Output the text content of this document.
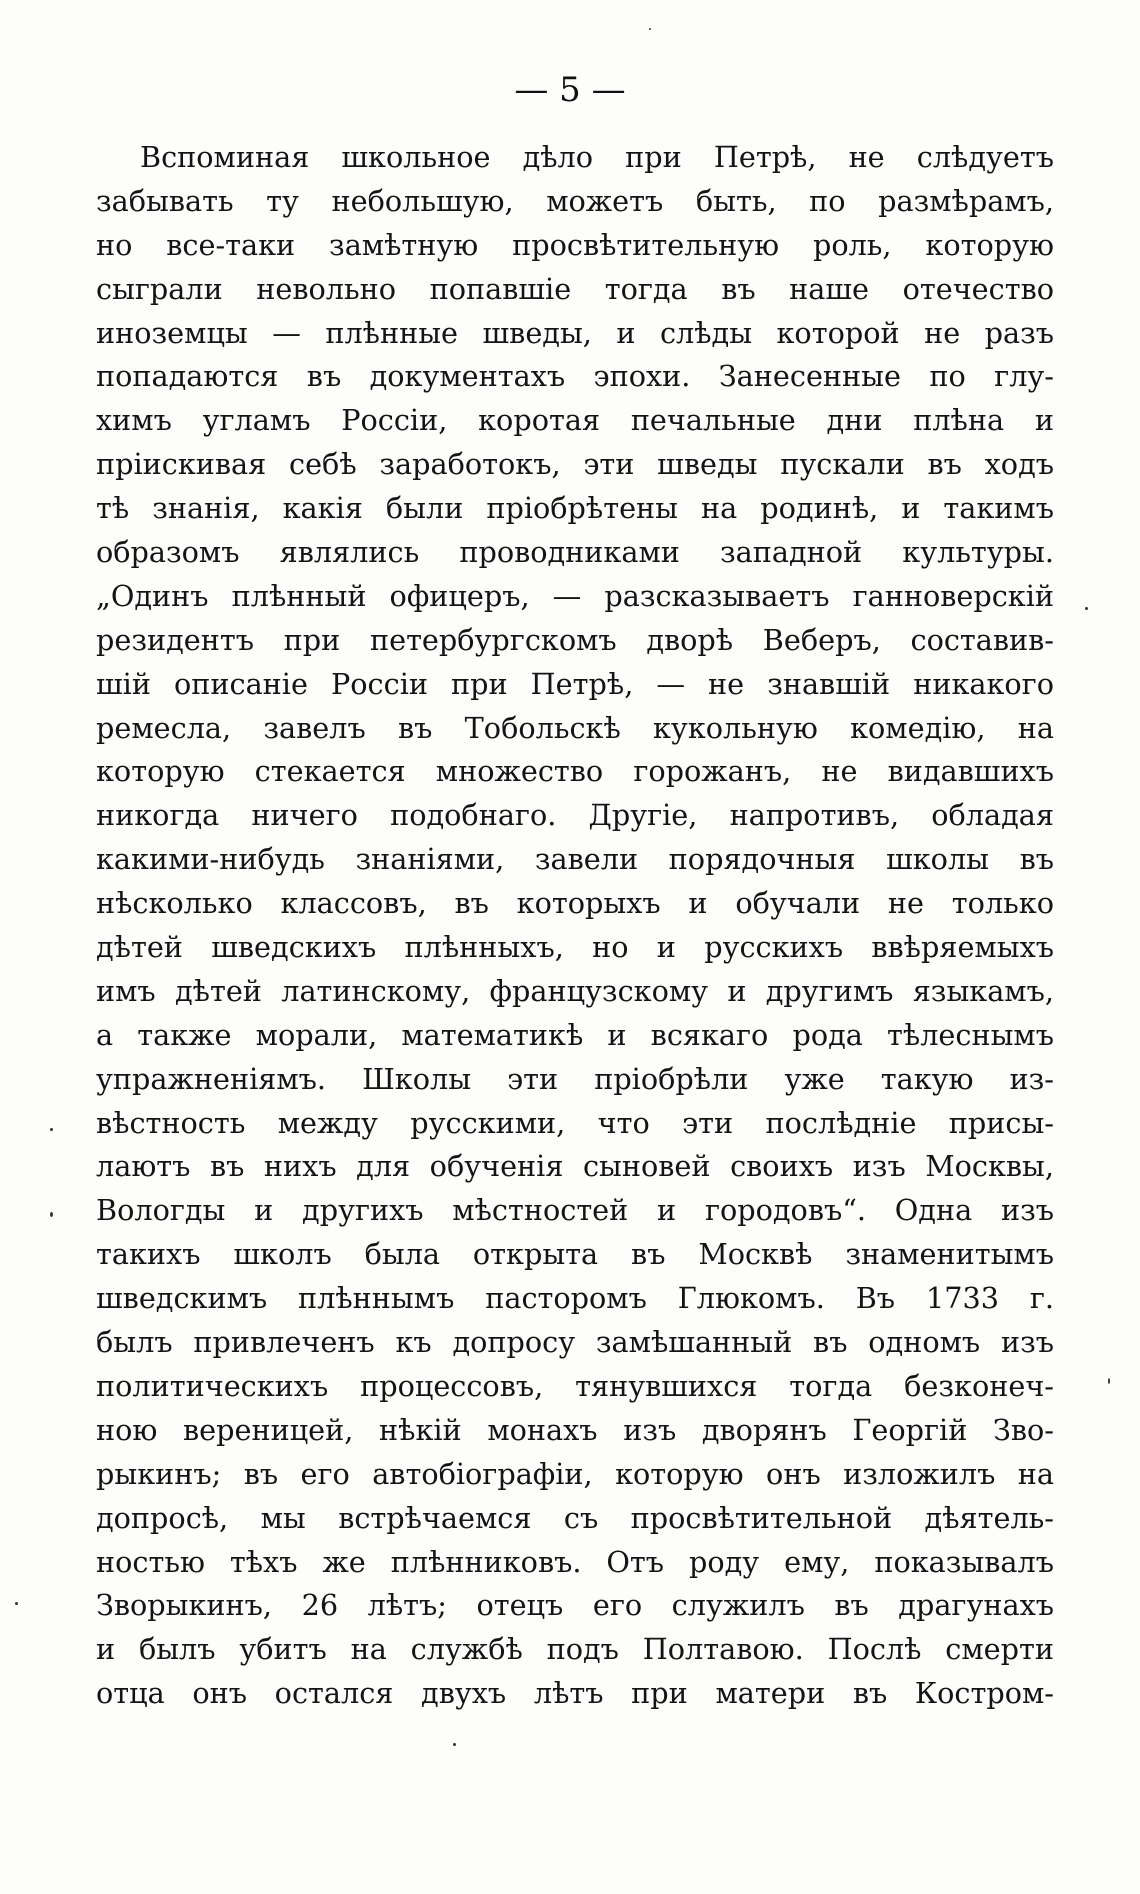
— 5 —
Вспоминая школьное дѣло при Петрѣ, не слѣдуетъ
забывать ту небольшую, можетъ быть, по размѣрамъ,
но все-таки замѣтную просвѣтительную роль, которую
сыграли невольно попавшіе тогда въ наше отечество
иноземцы — плѣнные шведы, и слѣды которой не разъ
попадаются въ документахъ эпохи. Занесенные по глу-
химъ угламъ Россіи, коротая печальные дни плѣна и
пріискивая себѣ заработокъ, эти шведы пускали въ ходъ
тѣ знанія, какія были пріобрѣтены на родинѣ, и такимъ
образомъ являлись проводниками западной культуры.
„Одинъ плѣнный офицеръ, — разсказываетъ ганноверскій
резидентъ при петербургскомъ дворѣ Веберъ, составив-
шій описаніе Россіи при Петрѣ, — не знавшій никакого
ремесла, завелъ въ Тобольскѣ кукольную комедію, на
которую стекается множество горожанъ, не видавшихъ
никогда ничего подобнаго. Другіе, напротивъ, обладая
какими-нибудь знаніями, завели порядочныя школы въ
нѣсколько классовъ, въ которыхъ и обучали не только
дѣтей шведскихъ плѣнныхъ, но и русскихъ ввѣряемыхъ
имъ дѣтей латинскому, французскому и другимъ языкамъ,
а также морали, математикѣ и всякаго рода тѣлеснымъ
упражненіямъ. Школы эти пріобрѣли уже такую из-
вѣстность между русскими, что эти послѣдніе присы-
лаютъ въ нихъ для обученія сыновей своихъ изъ Москвы,
Вологды и другихъ мѣстностей и городовъ“. Одна изъ
такихъ школъ была открыта въ Москвѣ знаменитымъ
шведскимъ плѣннымъ пасторомъ Глюкомъ. Въ 1733 г.
былъ привлеченъ къ допросу замѣшанный въ одномъ изъ
политическихъ процессовъ, тянувшихся тогда безконеч-
ною вереницей, нѣкій монахъ изъ дворянъ Георгій Зво-
рыкинъ; въ его автобіографіи, которую онъ изложилъ на
допросѣ, мы встрѣчаемся съ просвѣтительной дѣятель-
ностью тѣхъ же плѣнниковъ. Отъ роду ему, показывалъ
Зворыкинъ, 26 лѣтъ; отецъ его служилъ въ драгунахъ
и былъ убитъ на службѣ подъ Полтавою. Послѣ смерти
отца онъ остался двухъ лѣтъ при матери въ Костром-
